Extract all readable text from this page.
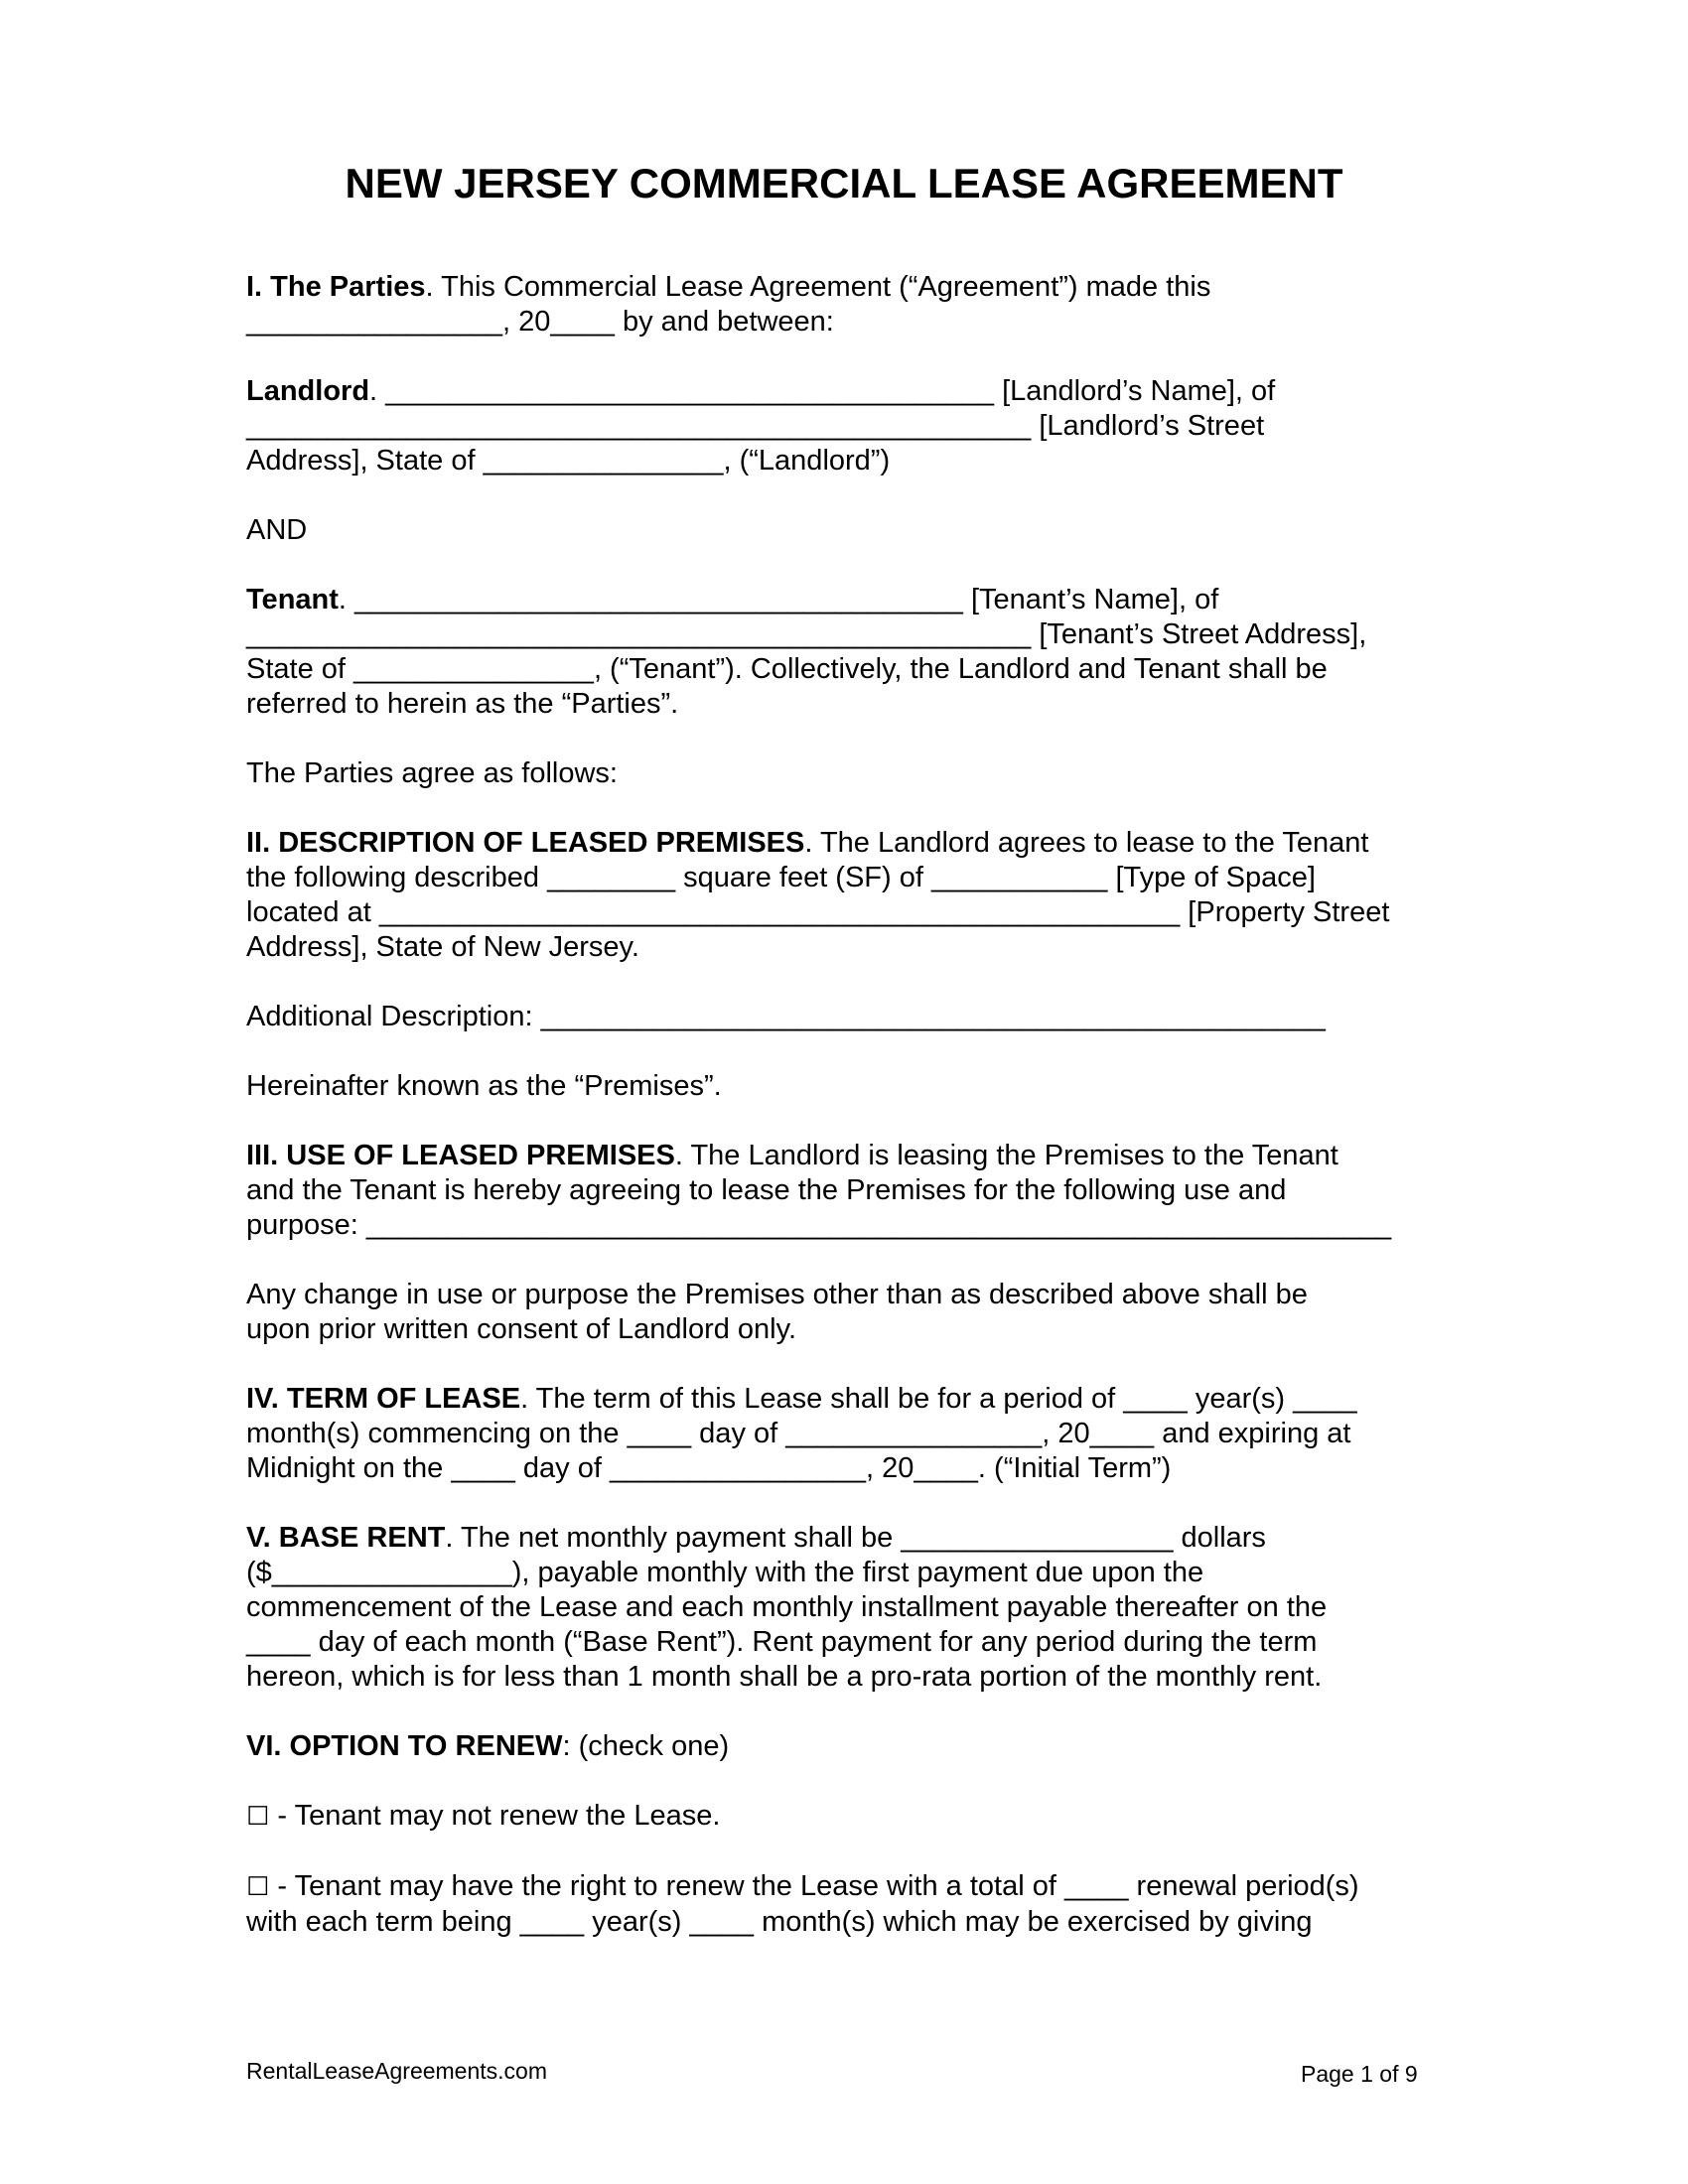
NEW JERSEY COMMERCIAL LEASE AGREEMENT

I. The Parties. This Commercial Lease Agreement (“Agreement”) made this
________________, 20____ by and between:

Landlord. ______________________________________ [Landlord’s Name], of
_________________________________________________ [Landlord’s Street
Address], State of _______________, (“Landlord”)

AND

Tenant. ______________________________________ [Tenant’s Name], of
_________________________________________________ [Tenant’s Street Address],
State of _______________, (“Tenant”). Collectively, the Landlord and Tenant shall be
referred to herein as the “Parties”.

The Parties agree as follows:

II. DESCRIPTION OF LEASED PREMISES. The Landlord agrees to lease to the Tenant
the following described ________ square feet (SF) of ___________ [Type of Space]
located at __________________________________________________ [Property Street
Address], State of New Jersey.

Additional Description: _________________________________________________

Hereinafter known as the “Premises”.

III. USE OF LEASED PREMISES. The Landlord is leasing the Premises to the Tenant
and the Tenant is hereby agreeing to lease the Premises for the following use and
purpose: ________________________________________________________________

Any change in use or purpose the Premises other than as described above shall be
upon prior written consent of Landlord only.

IV. TERM OF LEASE. The term of this Lease shall be for a period of ____ year(s) ____
month(s) commencing on the ____ day of ________________, 20____ and expiring at
Midnight on the ____ day of ________________, 20____. (“Initial Term”)

V. BASE RENT. The net monthly payment shall be _________________ dollars
($_______________), payable monthly with the first payment due upon the
commencement of the Lease and each monthly installment payable thereafter on the
____ day of each month (“Base Rent”). Rent payment for any period during the term
hereon, which is for less than 1 month shall be a pro-rata portion of the monthly rent.

VI. OPTION TO RENEW: (check one)

☐ - Tenant may not renew the Lease.

☐ - Tenant may have the right to renew the Lease with a total of ____ renewal period(s)
with each term being ____ year(s) ____ month(s) which may be exercised by giving

RentalLeaseAgreements.com	Page 1 of 9
